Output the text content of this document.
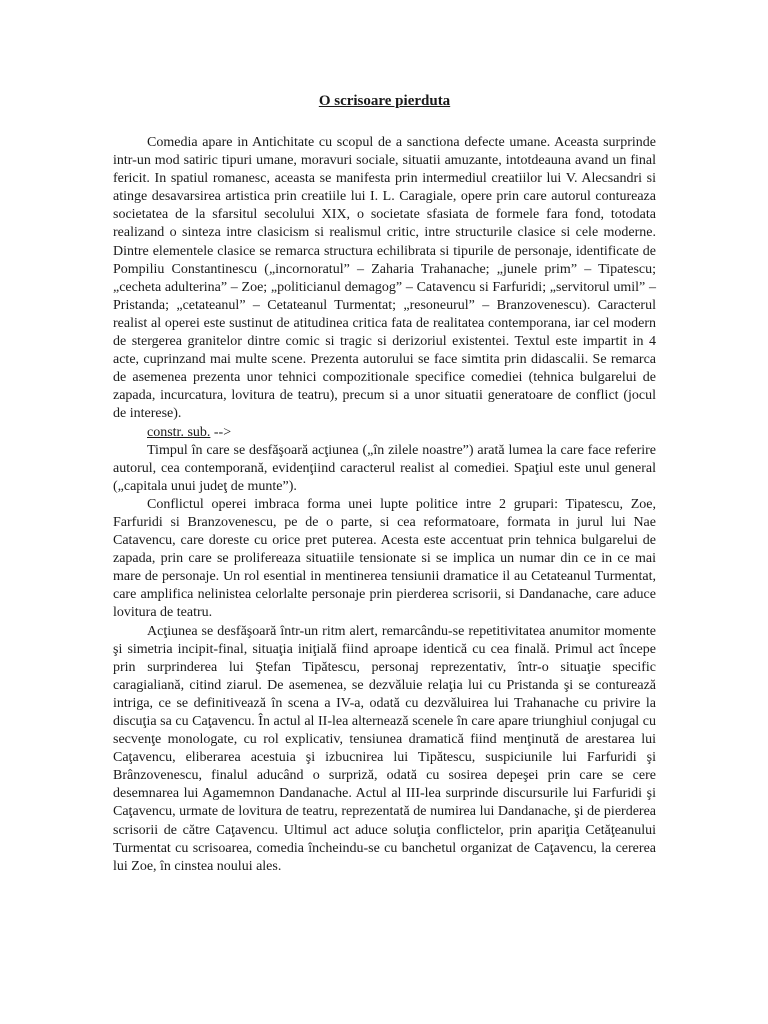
O scrisoare pierduta

Comedia apare in Antichitate cu scopul de a sanctiona defecte umane. Aceasta surprinde intr-un mod satiric tipuri umane, moravuri sociale, situatii amuzante, intotdeauna avand un final fericit. In spatiul romanesc, aceasta se manifesta prin intermediul creatiilor lui V. Alecsandri si atinge desavarsirea artistica prin creatiile lui I. L. Caragiale, opere prin care autorul contureaza societatea de la sfarsitul secolului XIX, o societate sfasiata de formele fara fond, totodata realizand o sinteza intre clasicism si realismul critic, intre structurile clasice si cele moderne. Dintre elementele clasice se remarca structura echilibrata si tipurile de personaje, identificate de Pompiliu Constantinescu („incornoratul” – Zaharia Trahanache; „junele prim” – Tipatescu; „cecheta adulterina” – Zoe; „politicianul demagog” – Catavencu si Farfuridi; „servitorul umil” – Pristanda; „cetateanul” – Cetateanul Turmentat; „resoneurul” – Branzovenescu). Caracterul realist al operei este sustinut de atitudinea critica fata de realitatea contemporana, iar cel modern de stergerea granitelor dintre comic si tragic si derizoriul existentei. Textul este impartit in 4 acte, cuprinzand mai multe scene. Prezenta autorului se face simtita prin didascalii. Se remarca de asemenea prezenta unor tehnici compozitionale specifice comediei (tehnica bulgarelui de zapada, incurcatura, lovitura de teatru), precum si a unor situatii generatoare de conflict (jocul de interese).

constr. sub. -->

Timpul în care se desfăşoară acţiunea („în zilele noastre”) arată lumea la care face referire autorul, cea contemporană, evidenţiind caracterul realist al comediei. Spaţiul este unul general („capitala unui judeţ de munte”).

Conflictul operei imbraca forma unei lupte politice intre 2 grupari: Tipatescu, Zoe, Farfuridi si Branzovenescu, pe de o parte, si cea reformatoare, formata in jurul lui Nae Catavencu, care doreste cu orice pret puterea. Acesta este accentuat prin tehnica bulgarelui de zapada, prin care se prolifereaza situatiile tensionate si se implica un numar din ce in ce mai mare de personaje. Un rol esential in mentinerea tensiunii dramatice il au Cetateanul Turmentat, care amplifica nelinistea celorlalte personaje prin pierderea scrisorii, si Dandanache, care aduce lovitura de teatru.

Acţiunea se desfăşoară într-un ritm alert, remarcându-se repetitivitatea anumitor momente şi simetria incipit-final, situaţia iniţială fiind aproape identică cu cea finală. Primul act începe prin surprinderea lui Ştefan Tipătescu, personaj reprezentativ, într-o situaţie specific caragialiană, citind ziarul. De asemenea, se dezvăluie relaţia lui cu Pristanda şi se conturează intriga, ce se definitivează în scena a IV-a, odată cu dezvăluirea lui Trahanache cu privire la discuţia sa cu Caţavencu. În actul al II-lea alternează scenele în care apare triunghiul conjugal cu secvenţe monologate, cu rol explicativ, tensiunea dramatică fiind menţinută de arestarea lui Caţavencu, eliberarea acestuia şi izbucnirea lui Tipătescu, suspiciunile lui Farfuridi şi Brânzovenescu, finalul aducând o surpriză, odată cu sosirea depeşei prin care se cere desemnarea lui Agamemnon Dandanache. Actul al III-lea surprinde discursurile lui Farfuridi şi Caţavencu, urmate de lovitura de teatru, reprezentată de numirea lui Dandanache, şi de pierderea scrisorii de către Caţavencu. Ultimul act aduce soluţia conflictelor, prin apariţia Cetăţeanului Turmentat cu scrisoarea, comedia încheindu-se cu banchetul organizat de Caţavencu, la cererea lui Zoe, în cinstea noului ales.
